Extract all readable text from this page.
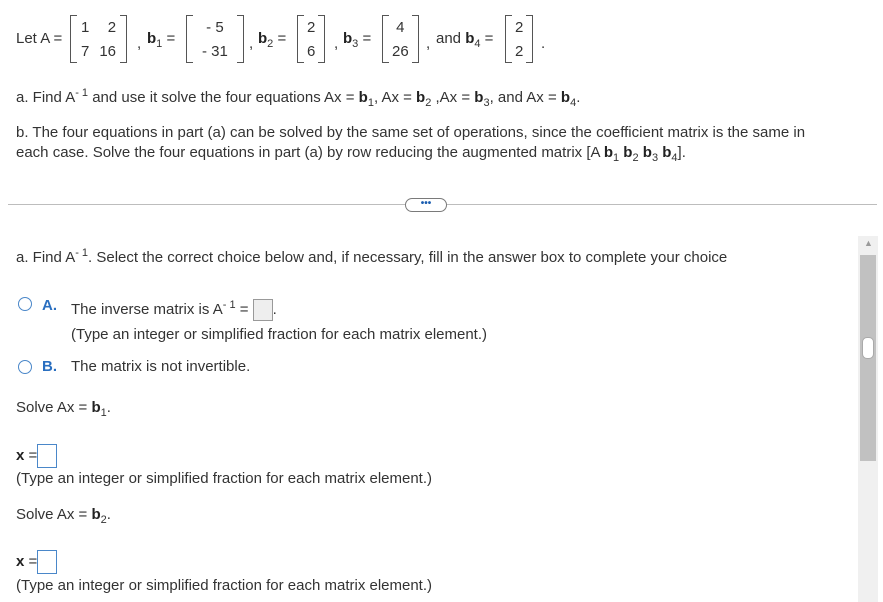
Let A =
1	2
7	16 , $b_1$ =
- 5
- 31 , $b_2$ =
2
6 , $b_3$ =
4
26 , and $b_4$ =
2
2 .
a. Find $A^{- 1}$ and use it solve the four equations $Ax = b_1$, $Ax = b_2$ $,Ax = b_3$, and $Ax = b_4$.
b. The four equations in part (a) can be solved by the same set of operations, since the coefficient matrix is the same in
each case. Solve the four equations in part (a) by row reducing the augmented matrix [A $b_1$ $b_2$ $b_3$ $b_4$].
•••
a. Find $A^{- 1}$. Select the correct choice below and, if necessary, fill in the answer box to complete your choice
A. The inverse matrix is $A^{- 1}$ = .
(Type an integer or simplified fraction for each matrix element.)
B. The matrix is not invertible.
Solve $Ax = b_1$.
x =
(Type an integer or simplified fraction for each matrix element.)
Solve $Ax = b_2$.
x =
(Type an integer or simplified fraction for each matrix element.)
▲
